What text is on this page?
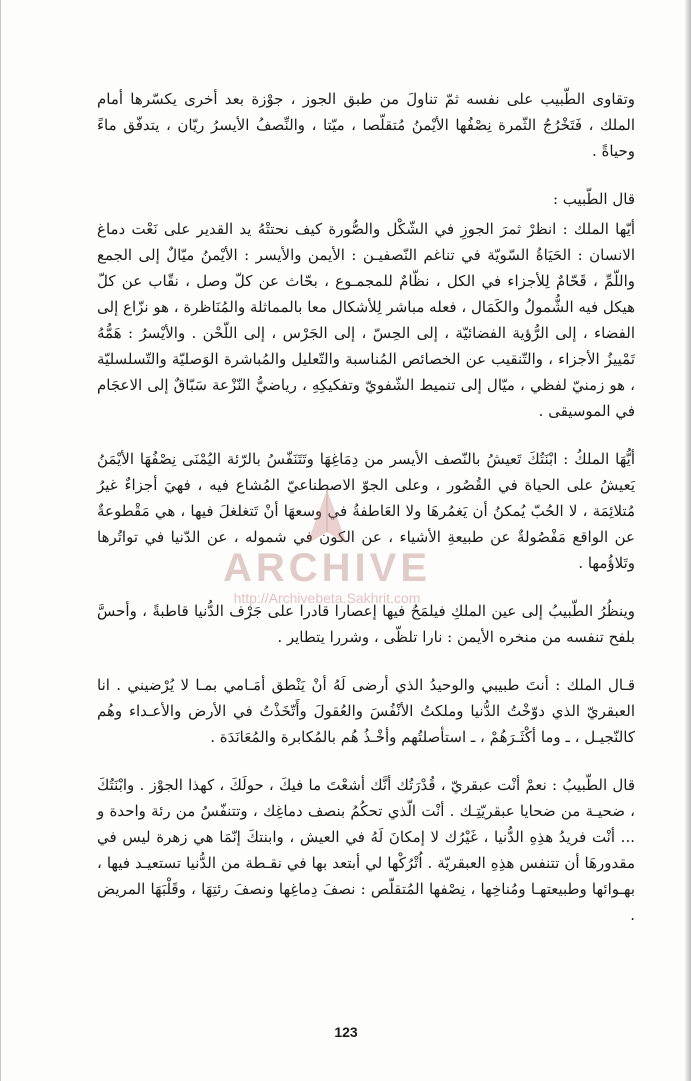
وتقاوى الطّبيب على نفسه ثمّ تناولَ من طبق الجوز ، جوْزة بعد أخرى يكسّرها أمام الملك ، فَتَخْرُجُ الثّمرة نِصْفُها الأيْمنُ مُتقلّصا ، ميّتا ، والنِّصفُ الأيسرُ ريّان ، يتدفّق ماءً وحياةً .

قال الطّبيب :

أيّها الملك : انظرْ ثمرَ الجوزِ في الشّكْل والصُّورة كيف نحتتْهُ يد القدير على نَعْت دماغ الانسان : الحَيَاةُ السّويّة في تناغم النّصفيـن : الأيمن والأيسر : الأيْمنُ ميّالٌ إلى الجمع واللّمِّ ، قَحّامٌ لِلأجزاء في الكل ، نظّامٌ للمجمـوع ، بحّاث عن كلّ وصل ، نقّاب عن كلّ هيكل فيه الشُّمولُ والكَمَال ، فعله مباشر لِلأشكال معا بالمماثلة والمُنَاظرة ، هو نزّاع إلى الفضاء ، إلى الرُّؤية الفضائيّة ، إلى الحِسّ ، إلى الجَرْس ، إلى اللّحْن . والأيْسرُ : هَمُّهُ تَمْييزُ الأجزاء ، والتّنقيب عن الخصائص المُناسبة والتّعليل والمُباشرة الوَصليّة والتّسلسليّة ، هو زمنيّ لفظي ، ميّال إلى تنميط الشّفويّ وتفكيكِهِ ، رياضيُّ النّزْعة سَبّاقٌ إلى الاعجَام في الموسيقى .

أيُّهَا الملكُ : ابْنَتُكَ تَعيشُ بالنّصف الأيسر من دِمَاغِهَا وتَتَنَفّسُ بالرّئة اليُمْنَى نِصْفُهَا الأيْمَنُ يَعيشُ على الحياة في القُصُور ، وعلى الجوّ الاصطناعيّ المُشاع فيه ، فهيَ أجزاءٌ غيرُ مُتلائِمَة ، لا الحُبّ يُمكنُ أن يَغمُرهَا ولا العَاطفةُ في وسعهَا أنْ تَتغلغلَ فيها ، هي مَقْطوعةٌ عن الواقع مَفْصُولةٌ عن طبيعةِ الأشياء ، عن الكون في شموله ، عن الدّنيا في تواتُرها وتَلاؤُمها .

وينظُرُ الطّبيبُ إلى عين الملكِ فيلمَحُ فيها إعصارا قادرا على جَرْف الدُّنيا قاطبةً ، وأحسَّ بلفح تنفسه من منخره الأيمن : نارا تلظّى ، وشررا يتطاير .

قـال الملك : أنتَ طبيبي والوحيدُ الذي أرضى لَهُ أنْ يَنْطق أمَـامي بمـا لا يُرْضيني . انا العبقريّ الذي دوّخْتُ الدُّنيا وملكتُ الأنْفُسَ والعُقولَ وأَتّخَذْتُ في الأرض والأعـداء وهُم كالنّجيـل ، ـ وما أكْثَـرَهُمْ ، ـ استأصلتُهم وأخْـذُ هُم بالمُكابرة والمُعَانَدَة .

قال الطّبيبُ : نعمْ أنْت عبقريّ ، قُدْرَتُك أنَّك أشعْتَ ما فيكَ ، حولَكَ ، كهذا الجوْز . وابْنَتُكَ ، ضحيـة من ضحايا عبقريّتِـك . أنْت الّذي تحكُمُ بنصف دماغِك ، وتتنفّسُ من رئة واحدة و ... أنْت فريدُ هذِهِ الدُّنيا ، غَيْرُك لا إمكانَ لَهُ في العيش ، وابنتكَ إنّمَا هي زهرة ليس في مقدورهَا أن تتنفس هذِهِ العبقريّة . اُتْرُكْها لي أبتعد بها في نقـطة من الدُّنيا تستعيـد فيها ، بهـوائها وطبيعتهـا ومُناخِها ، نِصْفها المُتقلّص : نصفَ دِماغِها ونصفَ رئتِهَا ، وقَلْبَهَا المريض .

ARCHIVE
http://Archivebeta.Sakhrit.com
123
